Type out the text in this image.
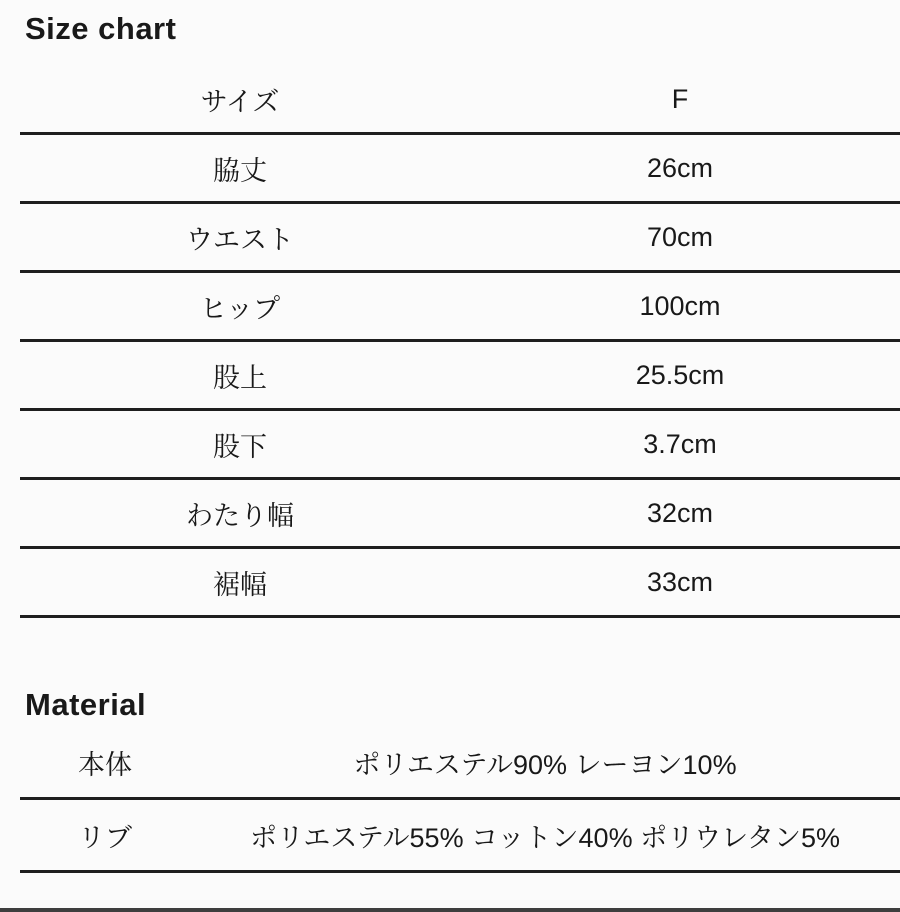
Size chart
サイズ	F
脇丈	26cm
ウエスト	70cm
ヒップ	100cm
股上	25.5cm
股下	3.7cm
わたり幅	32cm
裾幅	33cm
Material
本体	ポリエステル90% レーヨン10%
リブ	ポリエステル55% コットン40% ポリウレタン5%
